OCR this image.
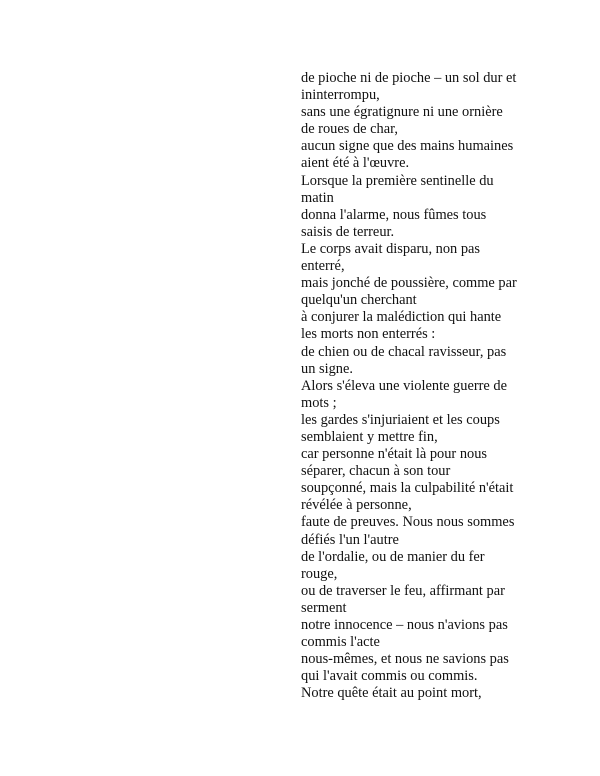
de pioche ni de pioche – un sol dur et
ininterrompu,
sans une égratignure ni une ornière
de roues de char,
aucun signe que des mains humaines
aient été à l'œuvre.
Lorsque la première sentinelle du
matin
donna l'alarme, nous fûmes tous
saisis de terreur.
Le corps avait disparu, non pas
enterré,
mais jonché de poussière, comme par
quelqu'un cherchant
à conjurer la malédiction qui hante
les morts non enterrés :
de chien ou de chacal ravisseur, pas
un signe.
Alors s'éleva une violente guerre de
mots ;
les gardes s'injuriaient et les coups
semblaient y mettre fin,
car personne n'était là pour nous
séparer, chacun à son tour
soupçonné, mais la culpabilité n'était
révélée à personne,
faute de preuves. Nous nous sommes
défiés l'un l'autre
de l'ordalie, ou de manier du fer
rouge,
ou de traverser le feu, affirmant par
serment
notre innocence – nous n'avions pas
commis l'acte
nous-mêmes, et nous ne savions pas
qui l'avait commis ou commis.
Notre quête était au point mort,
